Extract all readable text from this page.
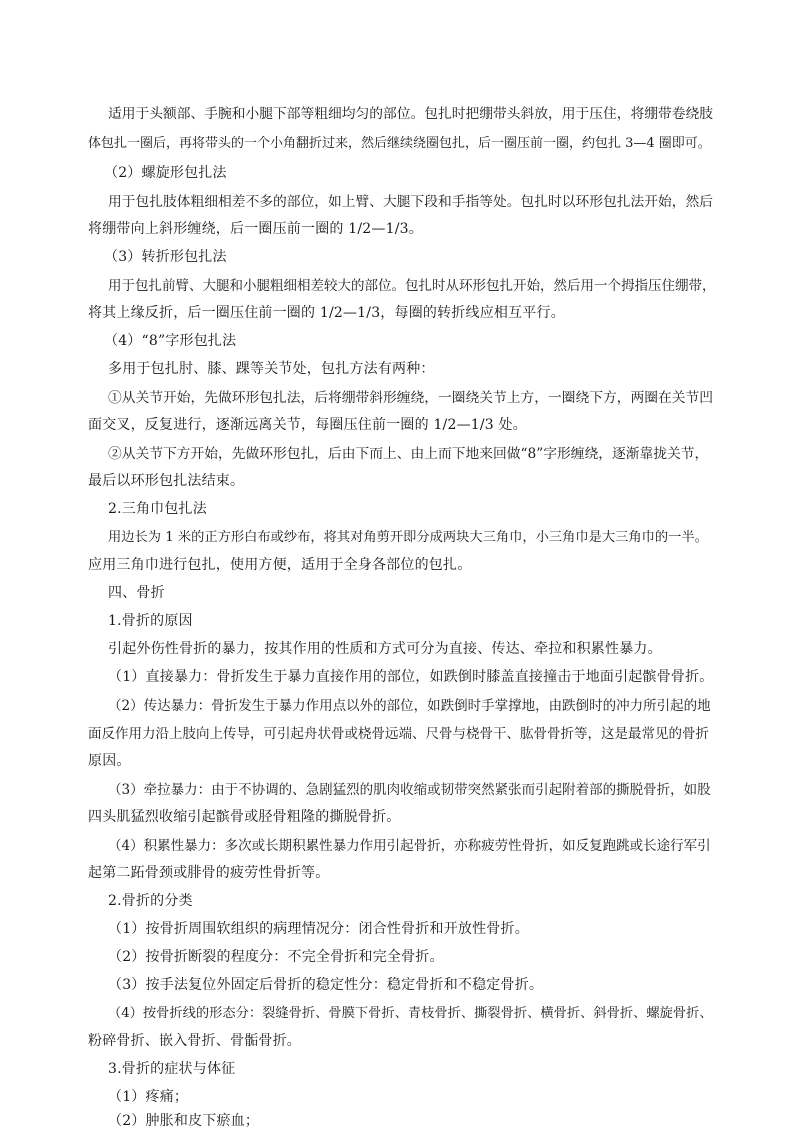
适用于头额部、手腕和小腿下部等粗细均匀的部位。包扎时把绷带头斜放，用于压住，将绷带卷绕肢
体包扎一圈后，再将带头的一个小角翻折过来，然后继续绕圈包扎，后一圈压前一圈，约包扎 3—4 圈即可。
（2）螺旋形包扎法
用于包扎肢体粗细相差不多的部位，如上臂、大腿下段和手指等处。包扎时以环形包扎法开始，然后
将绷带向上斜形缠绕，后一圈压前一圈的 1/2—1/3。
（3）转折形包扎法
用于包扎前臂、大腿和小腿粗细相差较大的部位。包扎时从环形包扎开始，然后用一个拇指压住绷带，
将其上缘反折，后一圈压住前一圈的 1/2—1/3，每圈的转折线应相互平行。
（4）“8”字形包扎法
多用于包扎肘、膝、踝等关节处，包扎方法有两种：
①从关节开始，先做环形包扎法，后将绷带斜形缠绕，一圈绕关节上方，一圈绕下方，两圈在关节凹
面交叉，反复进行，逐渐远离关节，每圈压住前一圈的 1/2—1/3 处。
②从关节下方开始，先做环形包扎，后由下而上、由上而下地来回做“8”字形缠绕，逐渐靠拢关节，
最后以环形包扎法结束。
2.三角巾包扎法
用边长为 1 米的正方形白布或纱布，将其对角剪开即分成两块大三角巾，小三角巾是大三角巾的一半。
应用三角巾进行包扎，使用方便，适用于全身各部位的包扎。
四、骨折
1.骨折的原因
引起外伤性骨折的暴力，按其作用的性质和方式可分为直接、传达、牵拉和积累性暴力。
（1）直接暴力：骨折发生于暴力直接作用的部位，如跌倒时膝盖直接撞击于地面引起髌骨骨折。
（2）传达暴力：骨折发生于暴力作用点以外的部位，如跌倒时手掌撑地，由跌倒时的冲力所引起的地
面反作用力沿上肢向上传导，可引起舟状骨或桡骨远端、尺骨与桡骨干、肱骨骨折等，这是最常见的骨折
原因。
（3）牵拉暴力：由于不协调的、急剧猛烈的肌肉收缩或韧带突然紧张而引起附着部的撕脱骨折，如股
四头肌猛烈收缩引起髌骨或胫骨粗隆的撕脱骨折。
（4）积累性暴力：多次或长期积累性暴力作用引起骨折，亦称疲劳性骨折，如反复跑跳或长途行军引
起第二跖骨颈或腓骨的疲劳性骨折等。
2.骨折的分类
（1）按骨折周围软组织的病理情况分：闭合性骨折和开放性骨折。
（2）按骨折断裂的程度分：不完全骨折和完全骨折。
（3）按手法复位外固定后骨折的稳定性分：稳定骨折和不稳定骨折。
（4）按骨折线的形态分：裂缝骨折、骨膜下骨折、青枝骨折、撕裂骨折、横骨折、斜骨折、螺旋骨折、
粉碎骨折、嵌入骨折、骨骺骨折。
3.骨折的症状与体征
（1）疼痛；
（2）肿胀和皮下瘀血；
